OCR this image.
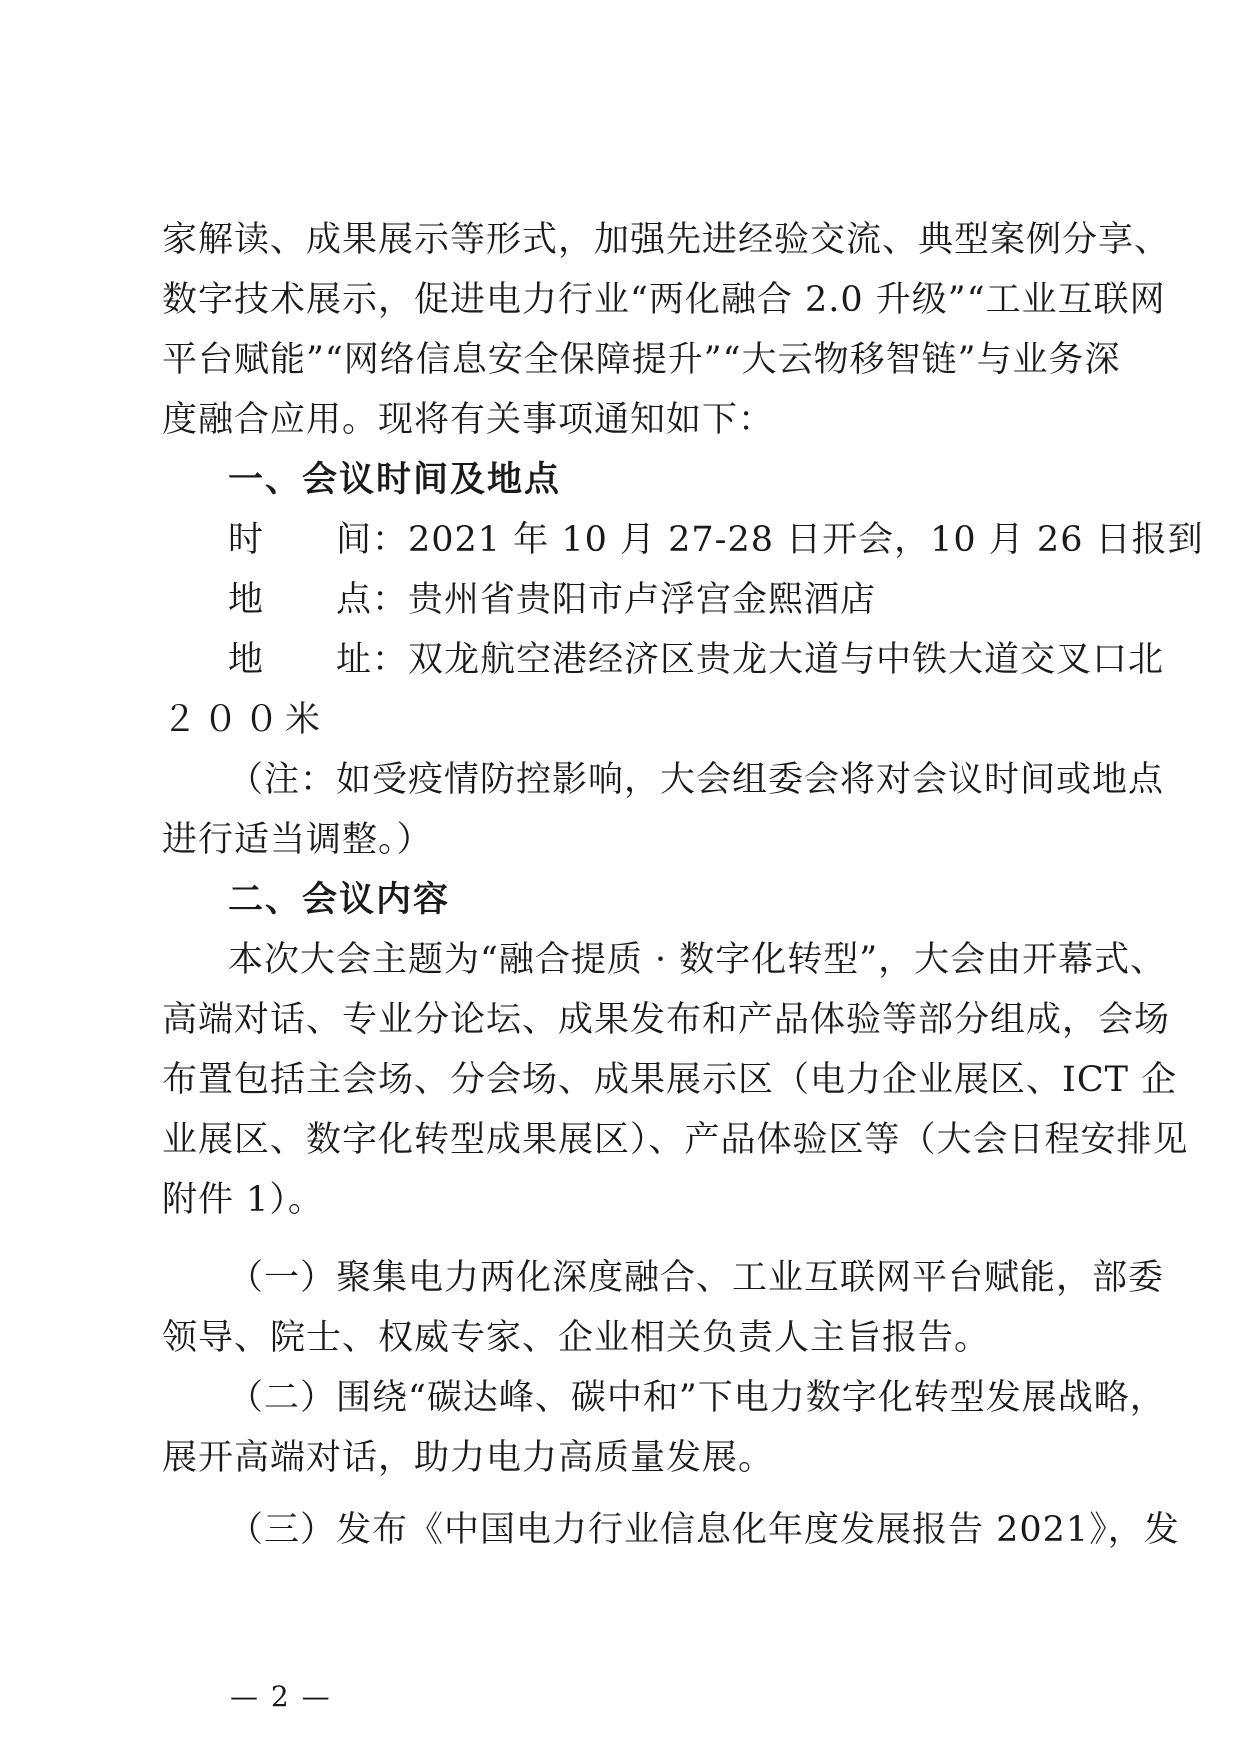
家解读、成果展示等形式，加强先进经验交流、典型案例分享、
数字技术展示，促进电力行业“两化融合 2.0 升级”“工业互联网
平台赋能”“网络信息安全保障提升”“大云物移智链”与业务深
度融合应用。现将有关事项通知如下：
一、会议时间及地点
时　　间：2021 年 10 月 27-28 日开会，10 月 26 日报到
地　　点：贵州省贵阳市卢浮宫金熙酒店
地　　址：双龙航空港经济区贵龙大道与中铁大道交叉口北
２００米
（注：如受疫情防控影响，大会组委会将对会议时间或地点
进行适当调整。）
二、会议内容
本次大会主题为“融合提质 · 数字化转型”，大会由开幕式、
高端对话、专业分论坛、成果发布和产品体验等部分组成，会场
布置包括主会场、分会场、成果展示区（电力企业展区、ICT 企
业展区、数字化转型成果展区）、产品体验区等（大会日程安排见
附件 1）。
（一）聚集电力两化深度融合、工业互联网平台赋能，部委
领导、院士、权威专家、企业相关负责人主旨报告。
（二）围绕“碳达峰、碳中和”下电力数字化转型发展战略，
展开高端对话，助力电力高质量发展。
（三）发布《中国电力行业信息化年度发展报告 2021》，发
— 2 —
